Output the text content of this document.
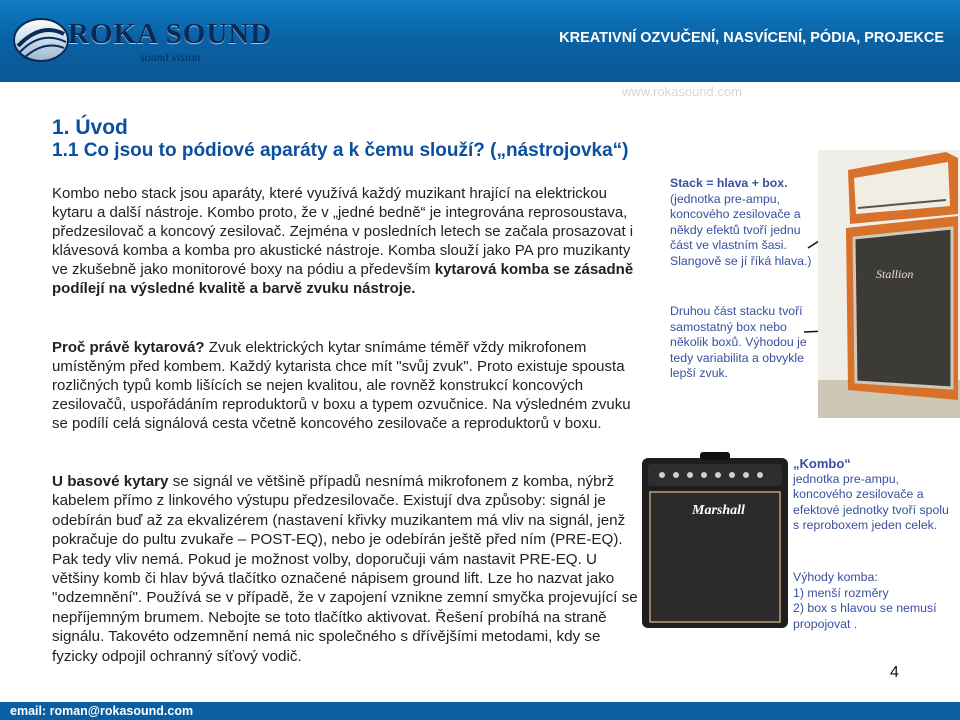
ROKA SOUND
sound vision
KREATIVNÍ OZVUČENÍ, NASVÍCENÍ, PÓDIA, PROJEKCE
www.rokasound.com
1. Úvod
1.1 Co jsou to pódiové aparáty a k čemu slouží? („nástrojovka“)
Kombo nebo stack jsou aparáty, které využívá každý muzikant hrající na elektrickou kytaru a další nástroje. Kombo proto, že v „jedné bedně“ je integrována reprosoustava, předzesilovač a koncový zesilovač. Zejména v posledních letech se začala prosazovat i klávesová komba a komba pro akustické nástroje. Komba slouží jako PA pro muzikanty ve zkušebně jako monitorové boxy na pódiu a především kytarová komba se zásadně podílejí na výsledné kvalitě a barvě zvuku nástroje.
Proč právě kytarová? Zvuk elektrických kytar snímáme téměř vždy mikrofonem umístěným před kombem. Každý kytarista chce mít "svůj zvuk". Proto existuje spousta rozličných typů komb lišících se nejen kvalitou, ale rovněž konstrukcí koncových zesilovačů, uspořádáním reproduktorů v boxu a typem ozvučnice. Na výsledném zvuku se podílí celá signálová cesta včetně koncového zesilovače a reproduktorů v boxu.
U basové kytary se signál ve většině případů nesnímá mikrofonem z komba, nýbrž kabelem přímo z linkového výstupu předzesilovače. Existují dva způsoby: signál je odebírán buď až za ekvalizérem (nastavení křivky muzikantem má vliv na signál, jenž pokračuje do pultu zvukaře – POST-EQ), nebo je odebírán ještě před ním (PRE-EQ). Pak tedy vliv nemá. Pokud je možnost volby, doporučuji vám nastavit PRE-EQ. U většiny komb či hlav bývá tlačítko označené nápisem ground lift. Lze ho nazvat jako "odzemnění". Používá se v případě, že v zapojení vznikne zemní smyčka projevující se nepříjemným brumem. Nebojte se toto tlačítko aktivovat. Řešení probíhá na straně signálu. Takovéto odzemnění nemá nic společného s dřívějšími metodami, kdy se fyzicky odpojil ochranný síťový vodič.
Stack = hlava + box.
(jednotka pre-ampu, koncového zesilovače a někdy efektů tvoří jednu část ve vlastním šasi. Slangově se jí říká hlava.)
Druhou část stacku tvoří samostatný box nebo několik boxů. Výhodou je tedy variabilita a obvykle lepší zvuk.
„Kombo“
jednotka pre-ampu, koncového zesilovače a efektové jednotky tvoří spolu s reproboxem jeden celek.
Výhody komba:
1) menší rozměry
2) box s hlavou se nemusí propojovat .
Stallion
Marshall
4
email: roman@rokasound.com
